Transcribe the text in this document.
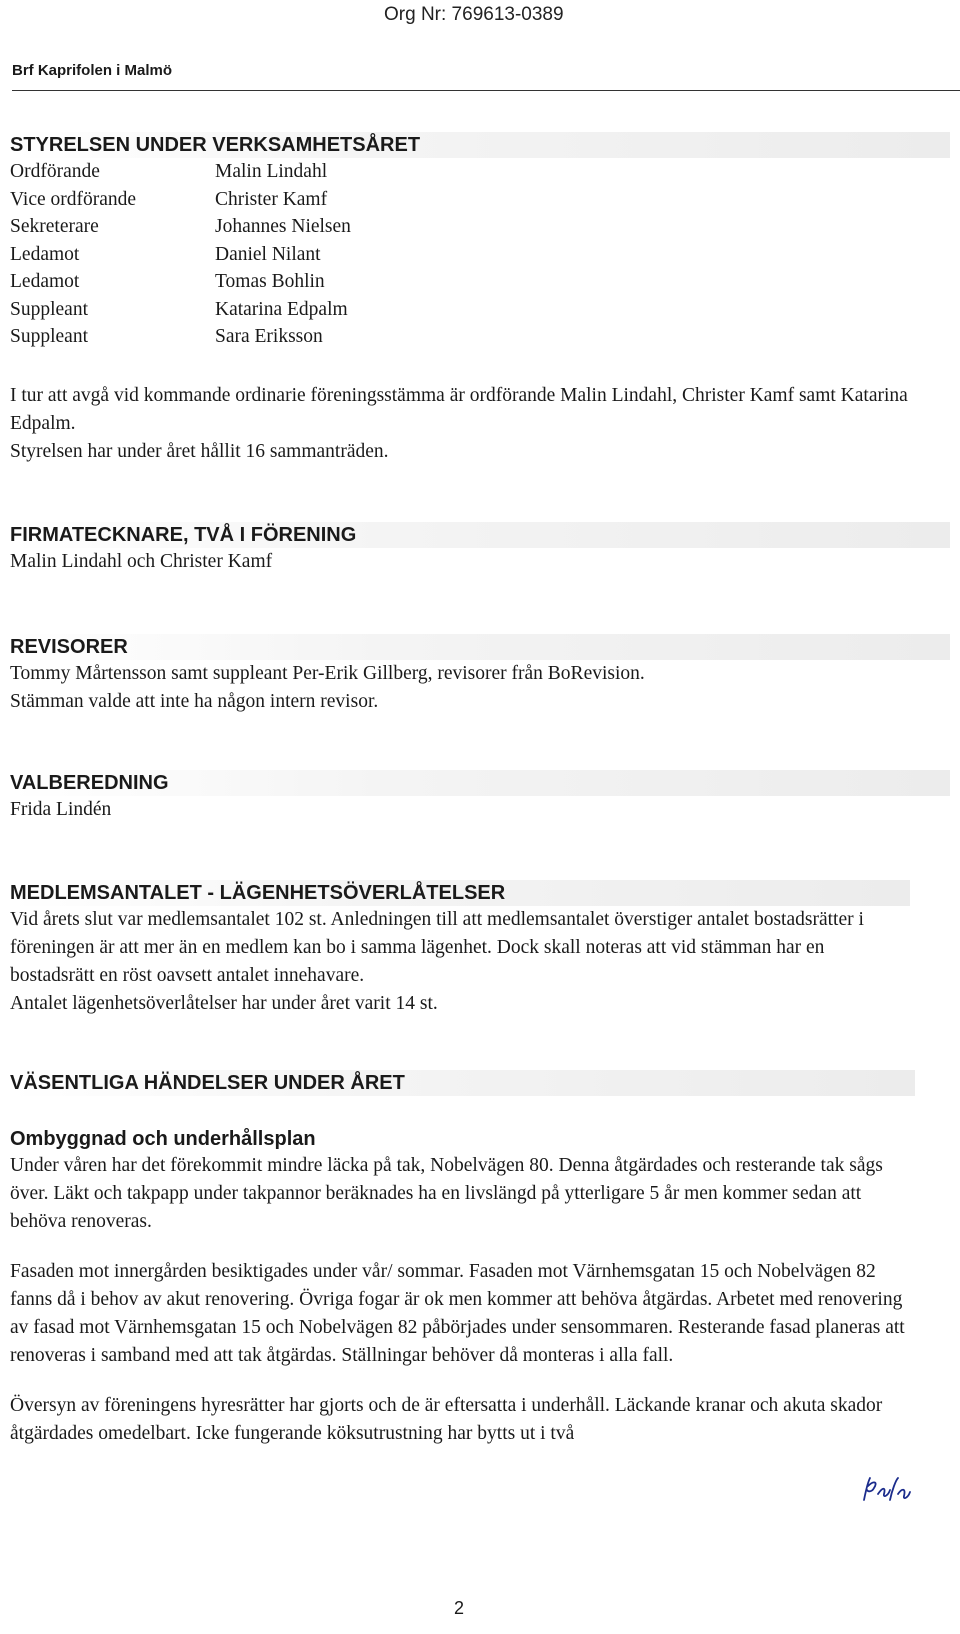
Org Nr: 769613-0389
Brf Kaprifolen i Malmö
STYRELSEN UNDER VERKSAMHETSÅRET
Ordförande	Malin Lindahl
Vice ordförande	Christer Kamf
Sekreterare	Johannes Nielsen
Ledamot	Daniel Nilant
Ledamot	Tomas Bohlin
Suppleant	Katarina Edpalm
Suppleant	Sara Eriksson

I tur att avgå vid kommande ordinarie föreningsstämma är ordförande Malin Lindahl, Christer Kamf samt Katarina Edpalm.

Styrelsen har under året hållit 16 sammanträden.

FIRMATECKNARE, TVÅ I FÖRENING

Malin Lindahl och Christer Kamf

REVISORER

Tommy Mårtensson samt suppleant Per-Erik Gillberg, revisorer från BoRevision.

Stämman valde att inte ha någon intern revisor.

VALBEREDNING

Frida Lindén

MEDLEMSANTALET - LÄGENHETSÖVERLÅTELSER

Vid årets slut var medlemsantalet 102 st. Anledningen till att medlemsantalet överstiger antalet bostadsrätter i föreningen är att mer än en medlem kan bo i samma lägenhet. Dock skall noteras att vid stämman har en bostadsrätt en röst oavsett antalet innehavare.

Antalet lägenhetsöverlåtelser har under året varit 14 st.

VÄSENTLIGA HÄNDELSER UNDER ÅRET
Ombyggnad och underhållsplan

Under våren har det förekommit mindre läcka på tak, Nobelvägen 80. Denna åtgärdades och resterande tak sågs över. Läkt och takpapp under takpannor beräknades ha en livslängd på ytterligare 5 år men kommer sedan att behöva renoveras.

Fasaden mot innergården besiktigades under vår/ sommar. Fasaden mot Värnhemsgatan 15 och Nobelvägen 82 fanns då i behov av akut renovering. Övriga fogar är ok men kommer att behöva åtgärdas. Arbetet med renovering av fasad mot Värnhemsgatan 15 och Nobelvägen 82 påbörjades under sensommaren. Resterande fasad planeras att renoveras i samband med att tak åtgärdas. Ställningar behöver då monteras i alla fall.

Översyn av föreningens hyresrätter har gjorts och de är eftersatta i underhåll. Läckande kranar och akuta skador åtgärdades omedelbart. Icke fungerande köksutrustning har bytts ut i två

2
